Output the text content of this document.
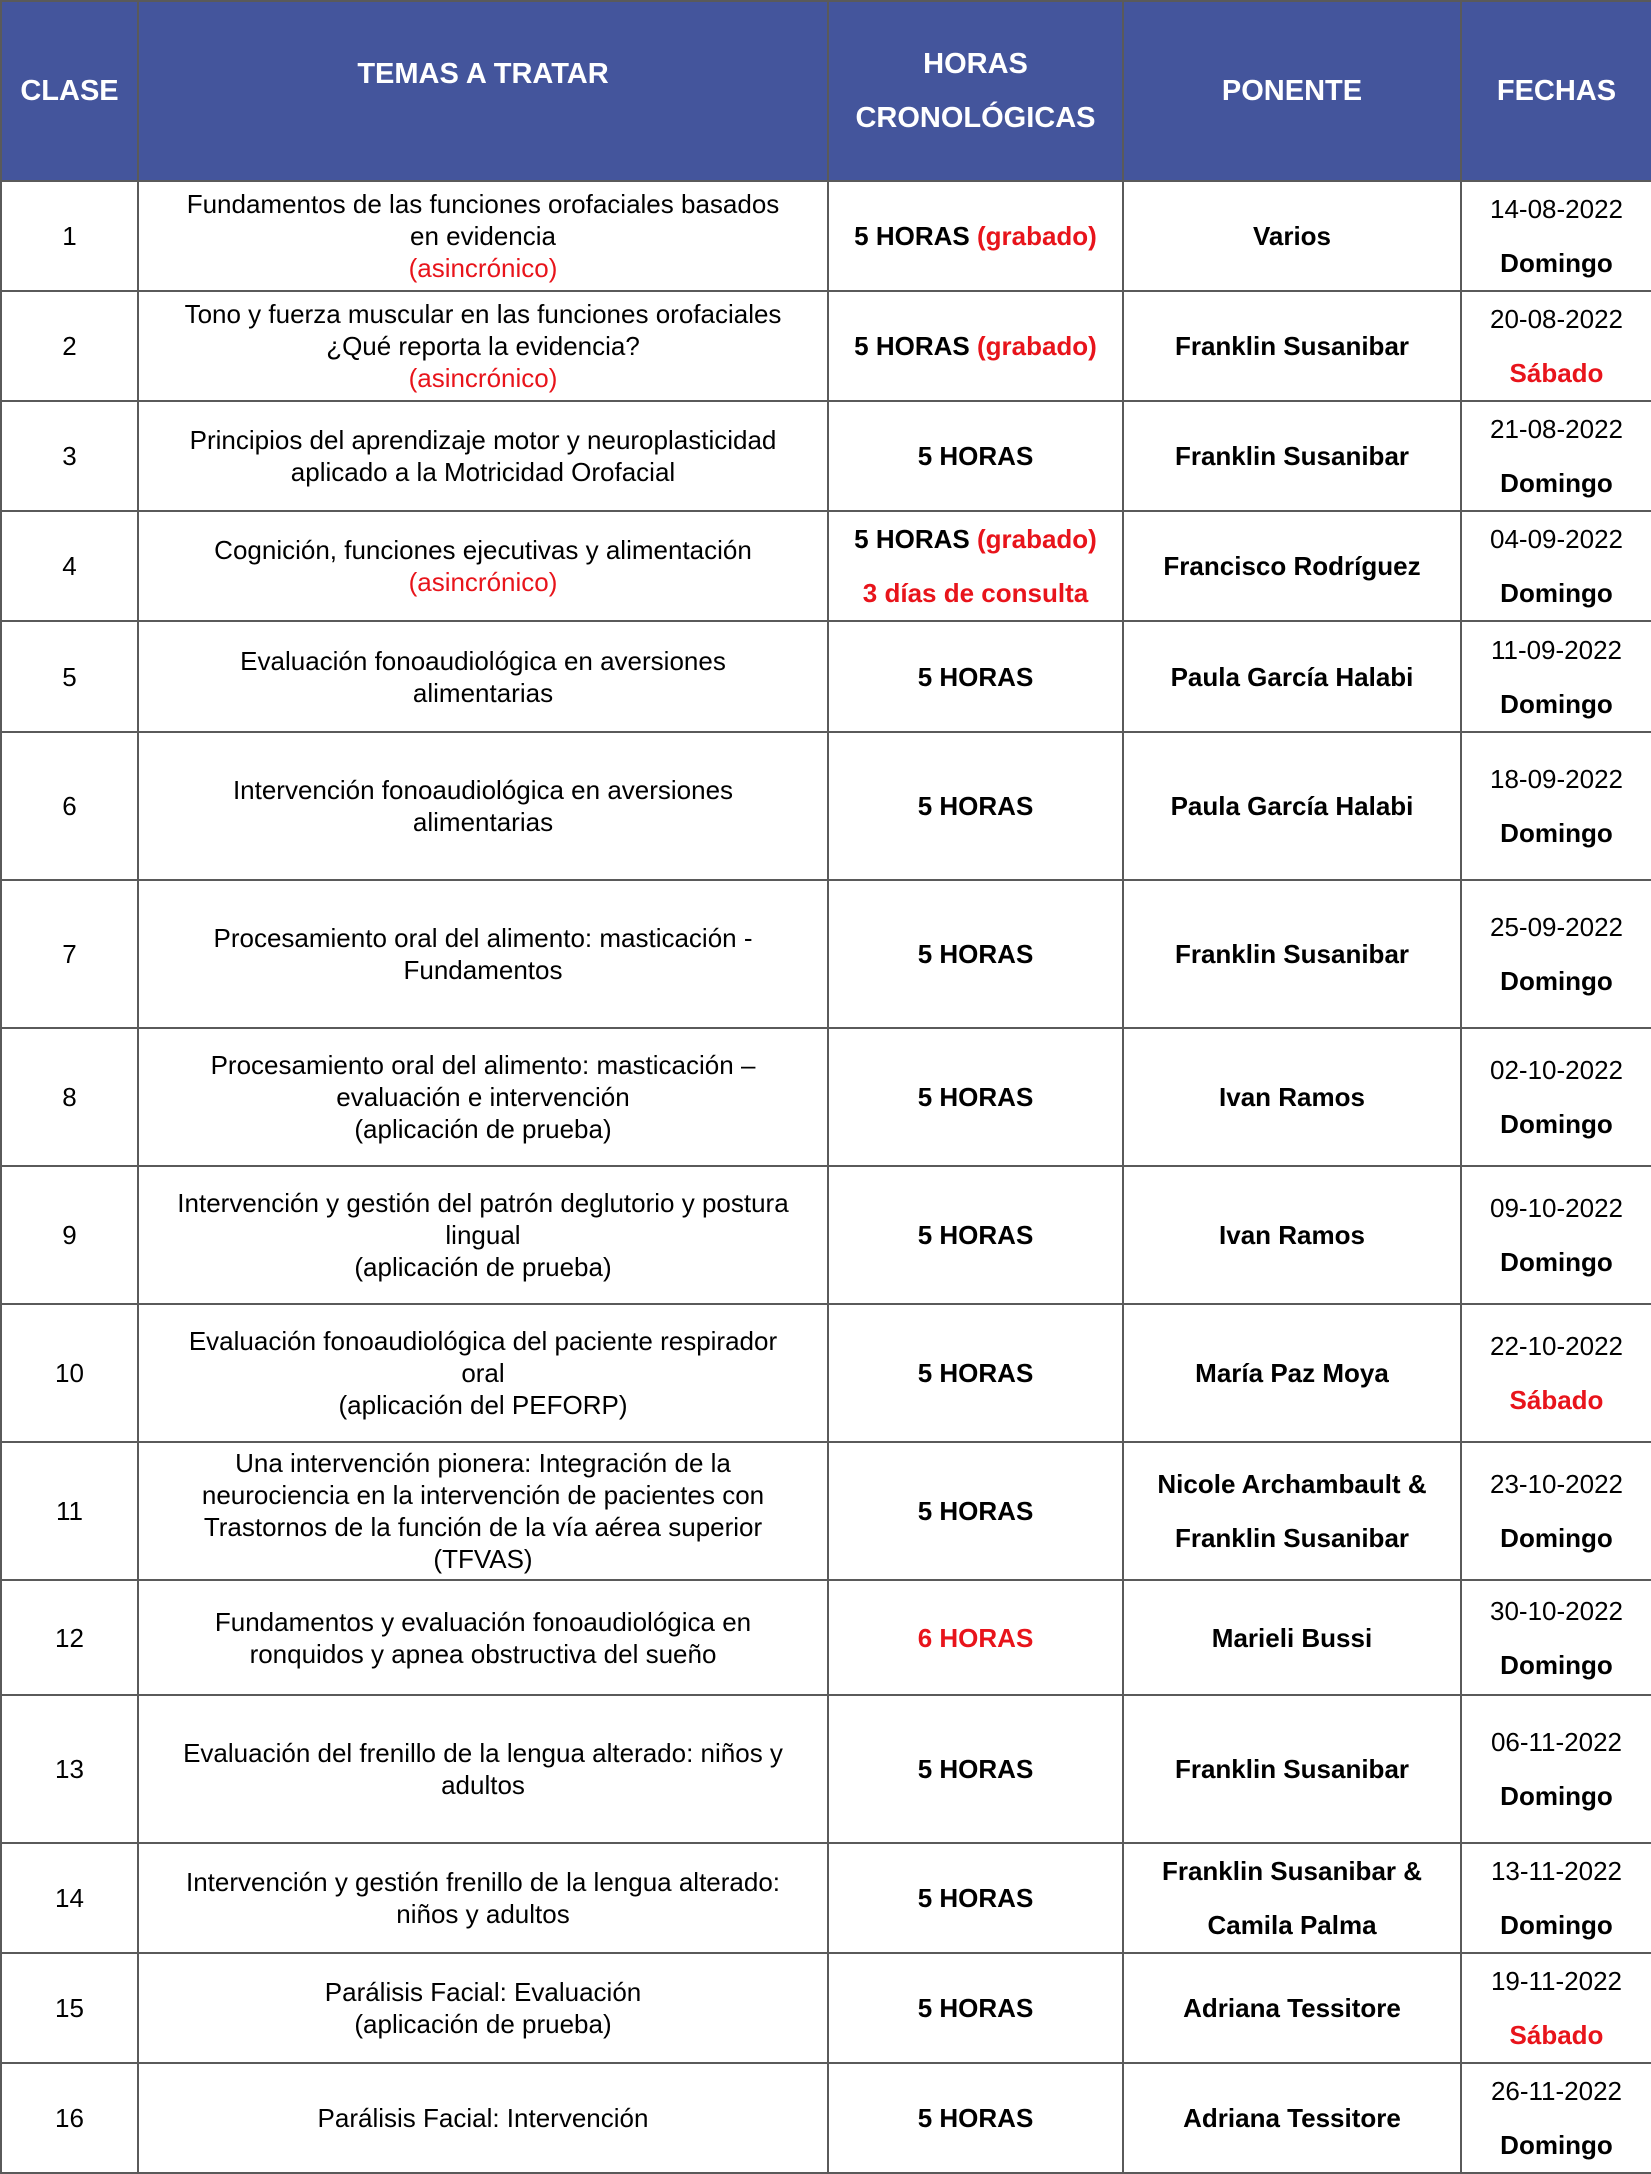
CLASE	TEMAS A TRATAR	HORAS
CRONOLÓGICAS	PONENTE	FECHAS
1	Fundamentos de las funciones orofaciales basados
en evidencia
(asincrónico)	5 HORAS (grabado)	Varios	14-08-2022
Domingo

2	Tono y fuerza muscular en las funciones orofaciales
¿Qué reporta la evidencia?
(asincrónico)	5 HORAS (grabado)	Franklin Susanibar	20-08-2022
Sábado

3	Principios del aprendizaje motor y neuroplasticidad
aplicado a la Motricidad Orofacial	5 HORAS	Franklin Susanibar	21-08-2022
Domingo

4	Cognición, funciones ejecutivas y alimentación
(asincrónico)	5 HORAS (grabado)
3 días de consulta	Francisco Rodríguez	04-09-2022
Domingo

5	Evaluación fonoaudiológica en aversiones
alimentarias	5 HORAS	Paula García Halabi	11-09-2022
Domingo

6	Intervención fonoaudiológica en aversiones
alimentarias	5 HORAS	Paula García Halabi	18-09-2022
Domingo

7	Procesamiento oral del alimento: masticación -
Fundamentos	5 HORAS	Franklin Susanibar	25-09-2022
Domingo

8	Procesamiento oral del alimento: masticación –
evaluación e intervención
(aplicación de prueba)	5 HORAS	Ivan Ramos	02-10-2022
Domingo

9	Intervención y gestión del patrón deglutorio y postura
lingual
(aplicación de prueba)	5 HORAS	Ivan Ramos	09-10-2022
Domingo

10	Evaluación fonoaudiológica del paciente respirador
oral
(aplicación del PEFORP)	5 HORAS	María Paz Moya	22-10-2022
Sábado

11	Una intervención pionera: Integración de la
neurociencia en la intervención de pacientes con
Trastornos de la función de la vía aérea superior
(TFVAS)	5 HORAS	Nicole Archambault &
Franklin Susanibar	23-10-2022
Domingo

12	Fundamentos y evaluación fonoaudiológica en
ronquidos y apnea obstructiva del sueño	6 HORAS	Marieli Bussi	30-10-2022
Domingo

13	Evaluación del frenillo de la lengua alterado: niños y
adultos	5 HORAS	Franklin Susanibar	06-11-2022
Domingo

14	Intervención y gestión frenillo de la lengua alterado:
niños y adultos	5 HORAS	Franklin Susanibar &
Camila Palma	13-11-2022
Domingo

15	Parálisis Facial: Evaluación
(aplicación de prueba)	5 HORAS	Adriana Tessitore	19-11-2022
Sábado

16	Parálisis Facial: Intervención	5 HORAS	Adriana Tessitore	26-11-2022
Domingo
